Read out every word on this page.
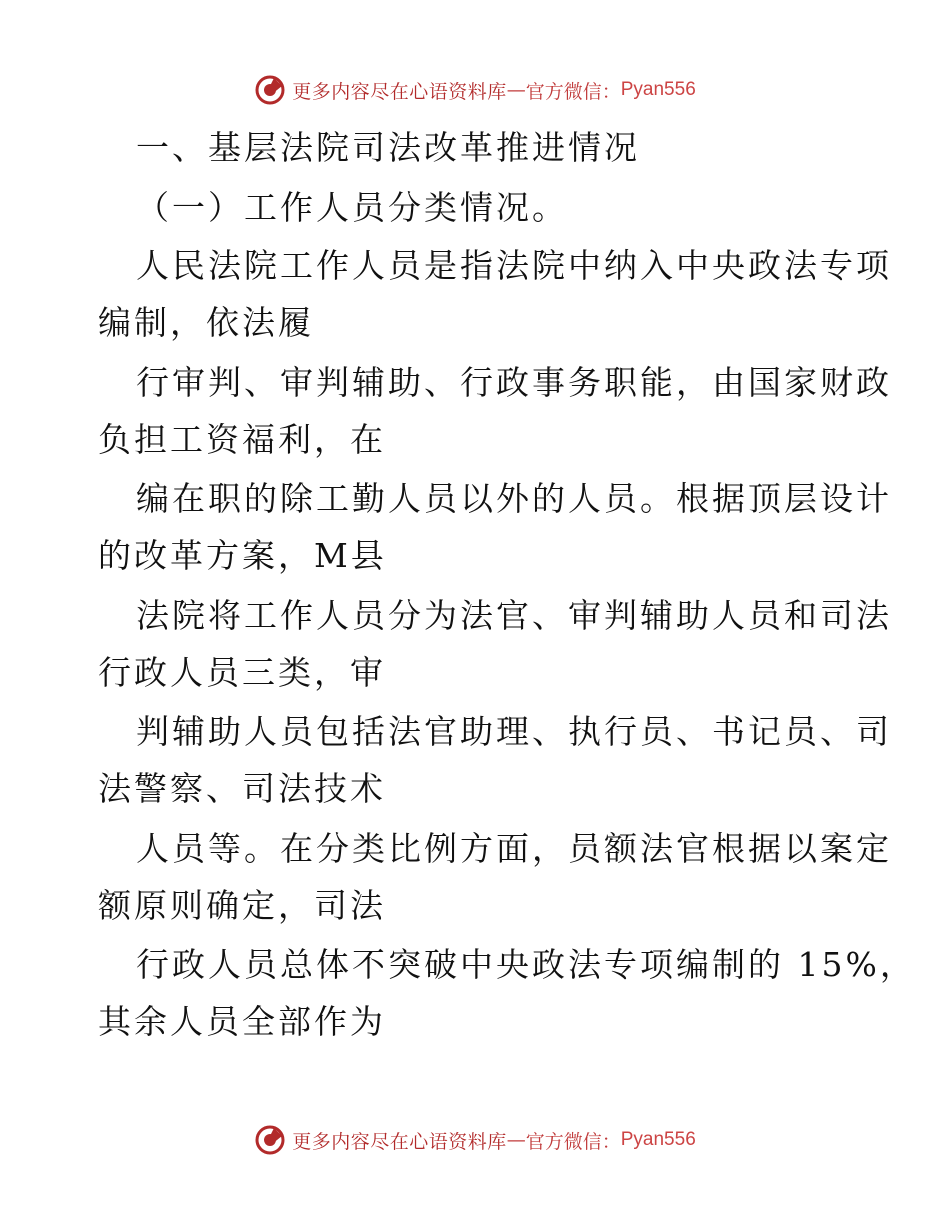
更多内容尽在心语资料库 — 官方微信： Pyan556
一、基层法院司法改革推进情况
（一）工作人员分类情况。
人民法院工作人员是指法院中纳入中央政法专项
编制，依法履
行审判、审判辅助、行政事务职能，由国家财政
负担工资福利，在
编在职的除工勤人员以外的人员。根据顶层设计
的改革方案，M县
法院将工作人员分为法官、审判辅助人员和司法
行政人员三类，审
判辅助人员包括法官助理、执行员、书记员、司
法警察、司法技术
人员等。在分类比例方面，员额法官根据以案定
额原则确定，司法
行政人员总体不突破中央政法专项编制的 15%，
其余人员全部作为
更多内容尽在心语资料库 — 官方微信： Pyan556
